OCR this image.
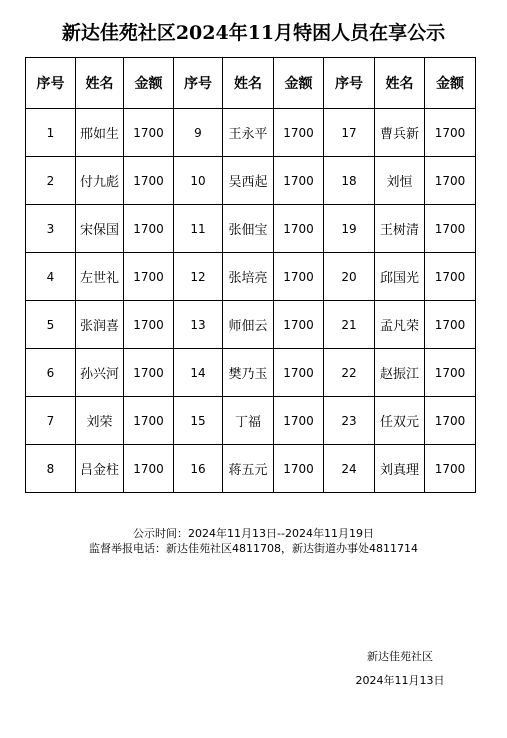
新达佳苑社区2024年11月特困人员在享公示
序号	姓名	金额	序号	姓名	金额	序号	姓名	金额
1	邢如生	1700	9	王永平	1700	17	曹兵新	1700
2	付九彪	1700	10	吴西起	1700	18	刘恒	1700
3	宋保国	1700	11	张佃宝	1700	19	王树清	1700
4	左世礼	1700	12	张培亮	1700	20	邱国光	1700
5	张润喜	1700	13	师佃云	1700	21	孟凡荣	1700
6	孙兴河	1700	14	樊乃玉	1700	22	赵振江	1700
7	刘荣	1700	15	丁福	1700	23	任双元	1700
8	吕金柱	1700	16	蒋五元	1700	24	刘真理	1700
公示时间：2024年11月13日--2024年11月19日
监督举报电话：新达佳苑社区4811708，新达街道办事处4811714
新达佳苑社区
2024年11月13日
